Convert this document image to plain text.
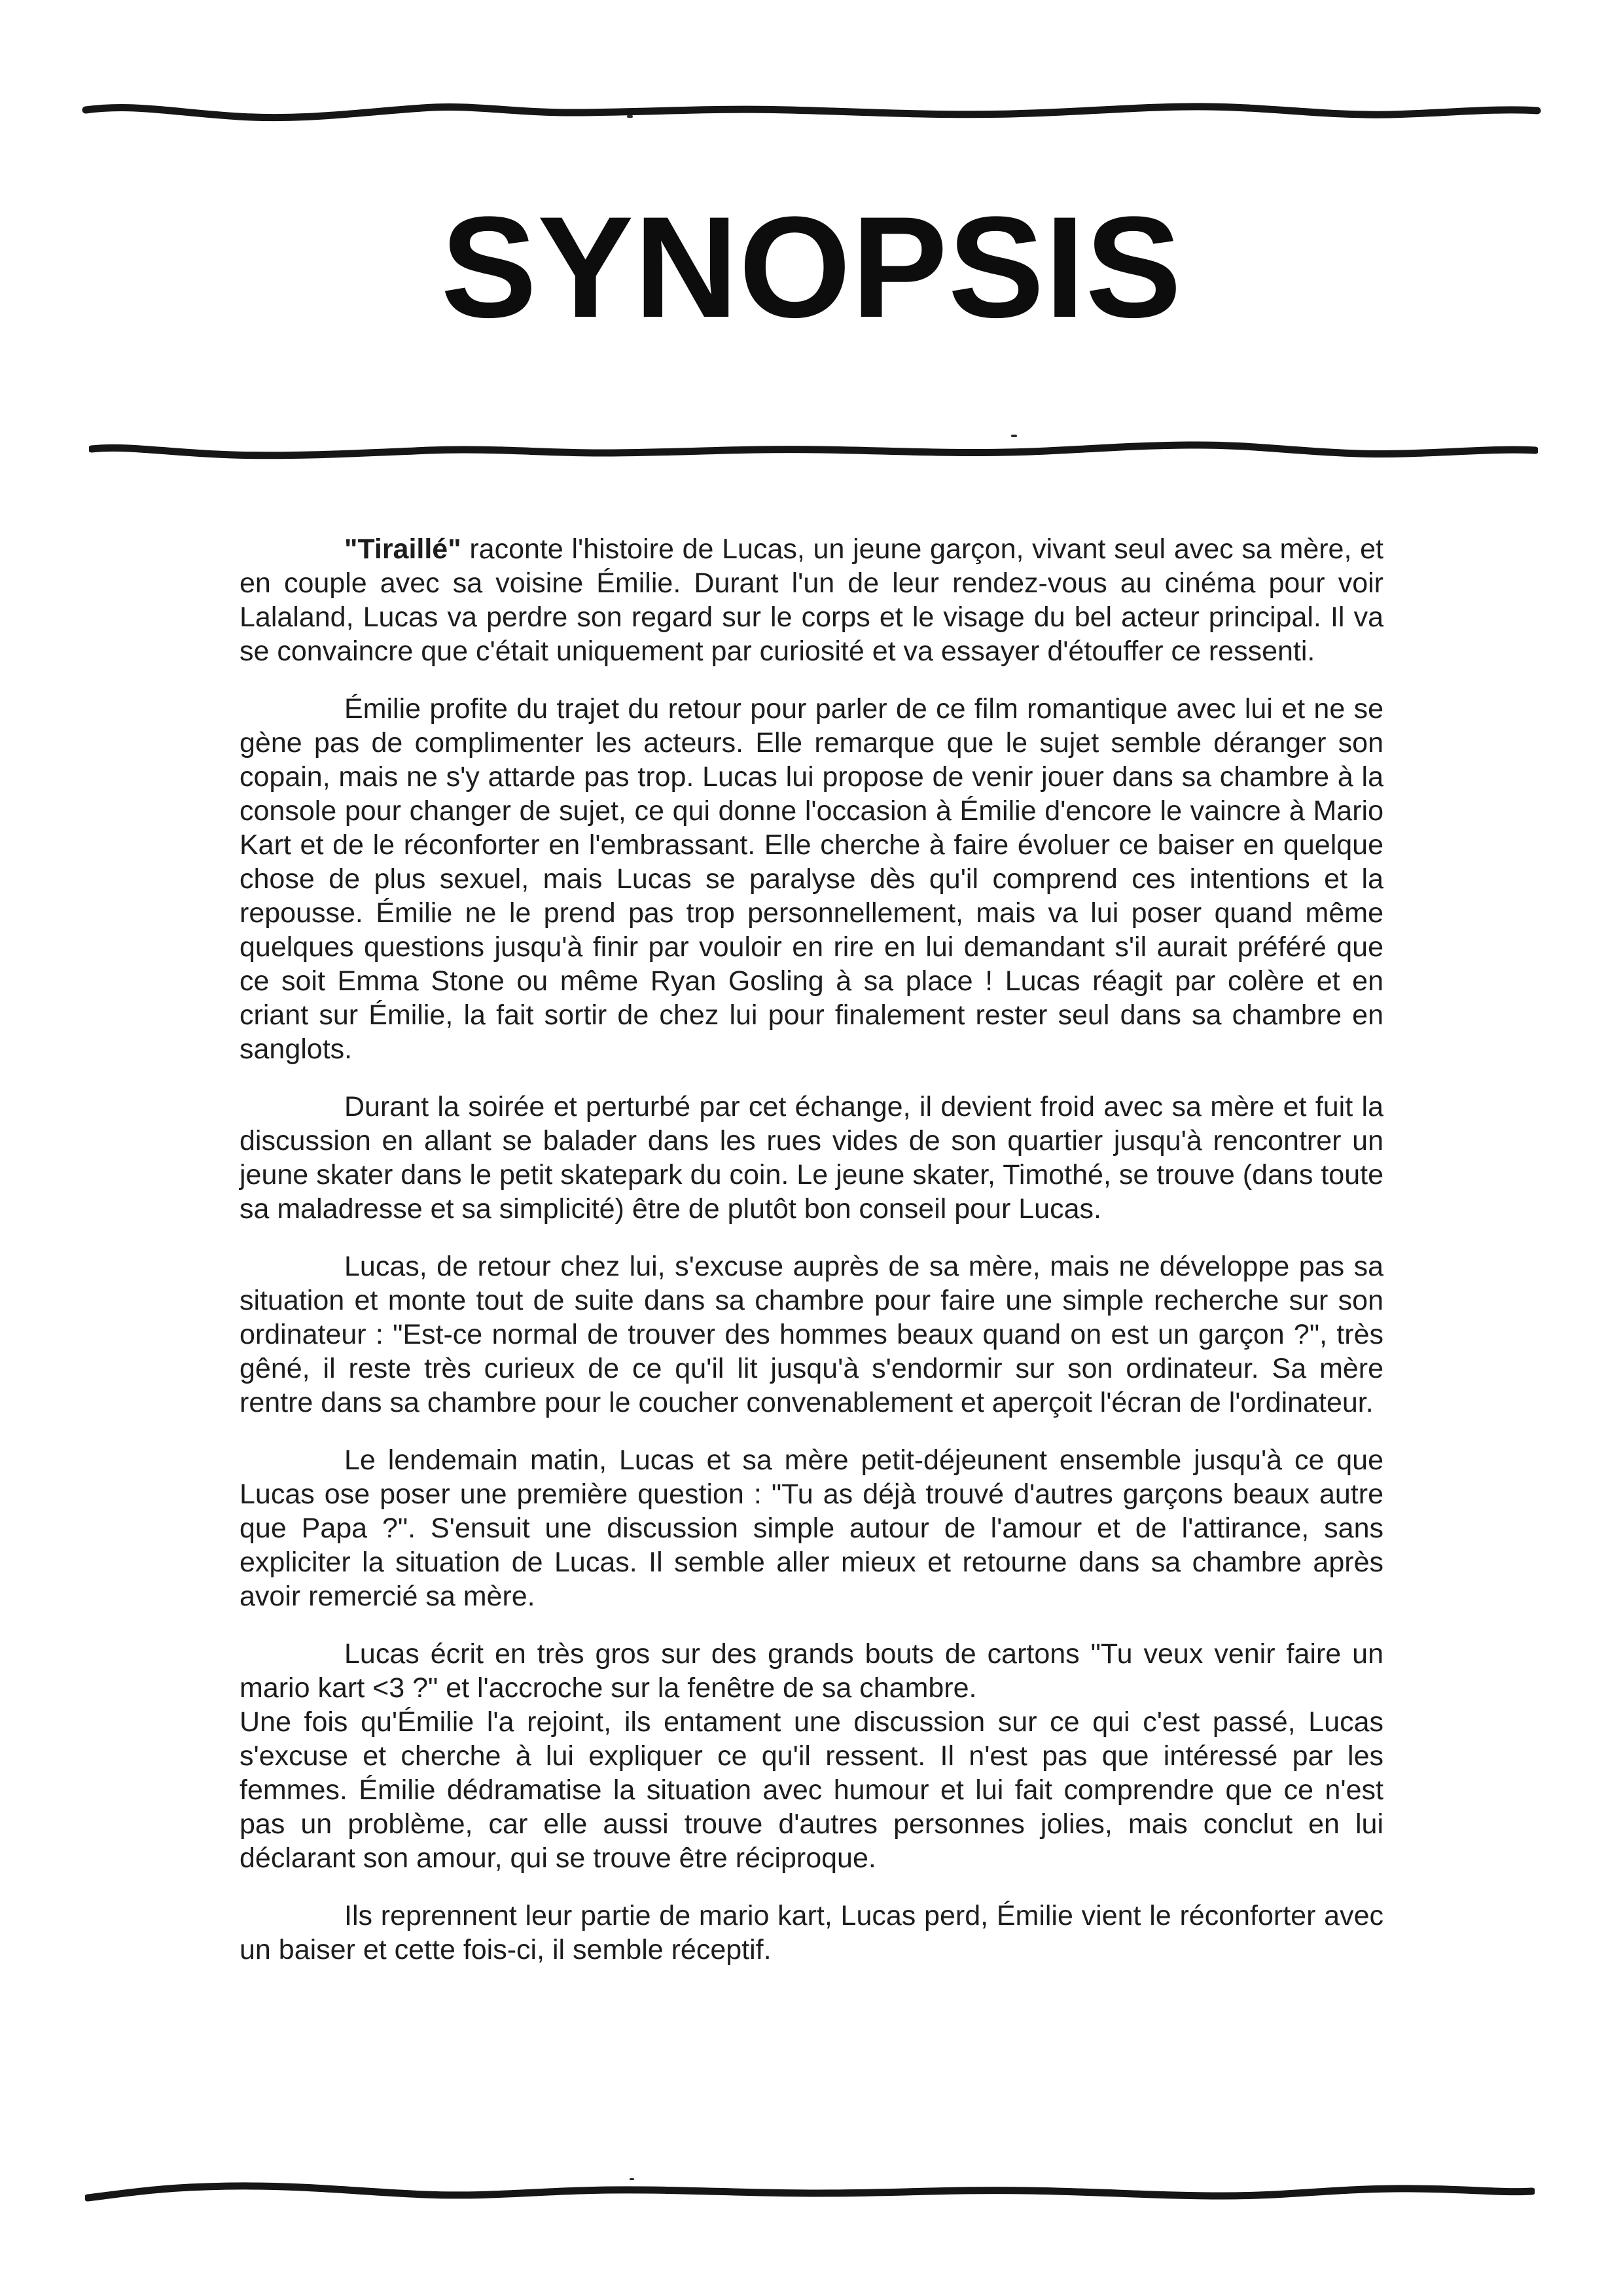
SYNOPSIS

"Tiraillé" raconte l'histoire de Lucas, un jeune garçon, vivant seul avec sa mère, et en couple avec sa voisine Émilie. Durant l'un de leur rendez-vous au cinéma pour voir Lalaland, Lucas va perdre son regard sur le corps et le visage du bel acteur principal. Il va se convaincre que c'était uniquement par curiosité et va essayer d'étouffer ce ressenti.

Émilie profite du trajet du retour pour parler de ce film romantique avec lui et ne se gène pas de complimenter les acteurs. Elle remarque que le sujet semble déranger son copain, mais ne s'y attarde pas trop. Lucas lui propose de venir jouer dans sa chambre à la console pour changer de sujet, ce qui donne l'occasion à Émilie d'encore le vaincre à Mario Kart et de le réconforter en l'embrassant. Elle cherche à faire évoluer ce baiser en quelque chose de plus sexuel, mais Lucas se paralyse dès qu'il comprend ces intentions et la repousse. Émilie ne le prend pas trop personnellement, mais va lui poser quand même quelques questions jusqu'à finir par vouloir en rire en lui demandant s'il aurait préféré que ce soit Emma Stone ou même Ryan Gosling à sa place ! Lucas réagit par colère et en criant sur Émilie, la fait sortir de chez lui pour finalement rester seul dans sa chambre en sanglots.

Durant la soirée et perturbé par cet échange, il devient froid avec sa mère et fuit la discussion en allant se balader dans les rues vides de son quartier jusqu'à rencontrer un jeune skater dans le petit skatepark du coin. Le jeune skater, Timothé, se trouve (dans toute sa maladresse et sa simplicité) être de plutôt bon conseil pour Lucas.

Lucas, de retour chez lui, s'excuse auprès de sa mère, mais ne développe pas sa situation et monte tout de suite dans sa chambre pour faire une simple recherche sur son ordinateur : "Est-ce normal de trouver des hommes beaux quand on est un garçon ?", très gêné, il reste très curieux de ce qu'il lit jusqu'à s'endormir sur son ordinateur. Sa mère rentre dans sa chambre pour le coucher convenablement et aperçoit l'écran de l'ordinateur.

Le lendemain matin, Lucas et sa mère petit-déjeunent ensemble jusqu'à ce que Lucas ose poser une première question : "Tu as déjà trouvé d'autres garçons beaux autre que Papa ?". S'ensuit une discussion simple autour de l'amour et de l'attirance, sans expliciter la situation de Lucas. Il semble aller mieux et retourne dans sa chambre après avoir remercié sa mère.

Lucas écrit en très gros sur des grands bouts de cartons "Tu veux venir faire un mario kart <3 ?" et l'accroche sur la fenêtre de sa chambre.

Une fois qu'Émilie l'a rejoint, ils entament une discussion sur ce qui c'est passé, Lucas s'excuse et cherche à lui expliquer ce qu'il ressent. Il n'est pas que intéressé par les femmes. Émilie dédramatise la situation avec humour et lui fait comprendre que ce n'est pas un problème, car elle aussi trouve d'autres personnes jolies, mais conclut en lui déclarant son amour, qui se trouve être réciproque.

Ils reprennent leur partie de mario kart, Lucas perd, Émilie vient le réconforter avec un baiser et cette fois-ci, il semble réceptif.
